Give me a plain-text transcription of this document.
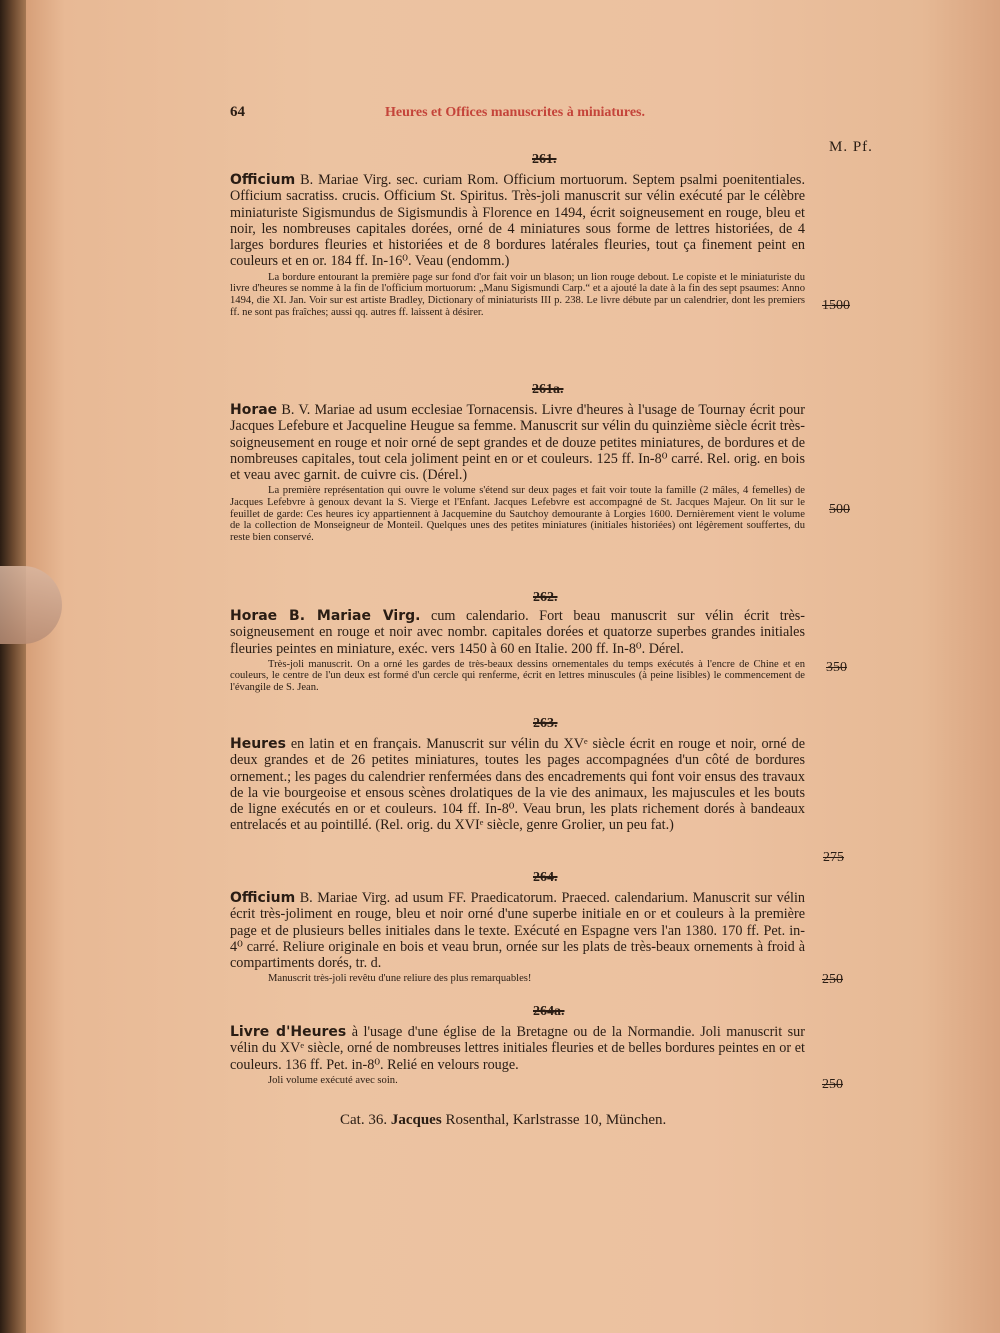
64	Heures et Offices manuscrites à miniatures.
M. Pf.
261.
Officium B. Mariae Virg. sec. curiam Rom. Officium mortuorum. Septem psalmi poenitentiales. Officium sacratiss. crucis. Officium St. Spiritus. Très-joli manuscrit sur vélin exécuté par le célèbre miniaturiste Sigismundus de Sigismundis à Florence en 1494, écrit soigneusement en rouge, bleu et noir, les nombreuses capitales dorées, orné de 4 miniatures sous forme de lettres historiées, de 4 larges bordures fleuries et historiées et de 8 bordures latérales fleuries, tout ça finement peint en couleurs et en or. 184 ff. In-16⁰. Veau (endomm.)
La bordure entourant la première page sur fond d'or fait voir un blason; un lion rouge debout. Le copiste et le miniaturiste du livre d'heures se nomme à la fin de l'officium mortuorum: „Manu Sigismundi Carp.“ et a ajouté la date à la fin des sept psaumes: Anno 1494, die XI. Jan. Voir sur est artiste Bradley, Dictionary of miniaturists III p. 238. Le livre débute par un calendrier, dont les premiers ff. ne sont pas fraîches; aussi qq. autres ff. laissent à désirer.	1500
261a.
Horae B. V. Mariae ad usum ecclesiae Tornacensis. Livre d'heures à l'usage de Tournay écrit pour Jacques Lefebure et Jacqueline Heugue sa femme. Manuscrit sur vélin du quinzième siècle écrit très-soigneusement en rouge et noir orné de sept grandes et de douze petites miniatures, de bordures et de nombreuses capitales, tout cela joliment peint en or et couleurs. 125 ff. In-8⁰ carré. Rel. orig. en bois et veau avec garnit. de cuivre cis. (Dérel.)
La première représentation qui ouvre le volume s'étend sur deux pages et fait voir toute la famille (2 mâles, 4 femelles) de Jacques Lefebvre à genoux devant la S. Vierge et l'Enfant. Jacques Lefebvre est accompagné de St. Jacques Majeur. On lit sur le feuillet de garde: Ces heures icy appartiennent à Jacquemine du Sautchoy demourante à Lorgies 1600. Dernièrement vient le volume de la collection de Monseigneur de Monteil. Quelques unes des petites miniatures (initiales historiées) ont légèrement souffertes, du reste bien conservé.
500
262.
Horae B. Mariae Virg. cum calendario. Fort beau manuscrit sur vélin écrit très-soigneusement en rouge et noir avec nombr. capitales dorées et quatorze superbes grandes initiales fleuries peintes en miniature, exéc. vers 1450 à 60 en Italie. 200 ff. In-8⁰. Dérel.
Très-joli manuscrit. On a orné les gardes de très-beaux dessins ornementales du temps exécutés à l'encre de Chine et en couleurs, le centre de l'un deux est formé d'un cercle qui renferme, écrit en lettres minuscules (à peine lisibles) le commencement de l'évangile de S. Jean.
350
263.
Heures en latin et en français. Manuscrit sur vélin du XVᵉ siècle écrit en rouge et noir, orné de deux grandes et de 26 petites miniatures, toutes les pages accompagnées d'un côté de bordures ornement.; les pages du calendrier renfermées dans des encadrements qui font voir ensus des travaux de la vie bourgeoise et ensous scènes drolatiques de la vie des animaux, les majuscules et les bouts de ligne exécutés en or et couleurs. 104 ff. In-8⁰. Veau brun, les plats richement dorés à bandeaux entrelacés et au pointillé. (Rel. orig. du XVIᵉ siècle, genre Grolier, un peu fat.)
275
264.
Officium B. Mariae Virg. ad usum FF. Praedicatorum. Praeced. calendarium. Manuscrit sur vélin écrit très-joliment en rouge, bleu et noir orné d'une superbe initiale en or et couleurs à la première page et de plusieurs belles initiales dans le texte. Exécuté en Espagne vers l'an 1380. 170 ff. Pet. in-4⁰ carré. Reliure originale en bois et veau brun, ornée sur les plats de très-beaux ornements à froid à compartiments dorés, tr. d.
Manuscrit très-joli revêtu d'une reliure des plus remarquables!	250
264a.
Livre d'Heures à l'usage d'une église de la Bretagne ou de la Normandie. Joli manuscrit sur vélin du XVᵉ siècle, orné de nombreuses lettres initiales fleuries et de belles bordures peintes en or et couleurs. 136 ff. Pet. in-8⁰. Relié en velours rouge.
Joli volume exécuté avec soin.	250
Cat. 36. Jacques Rosenthal, Karlstrasse 10, München.
